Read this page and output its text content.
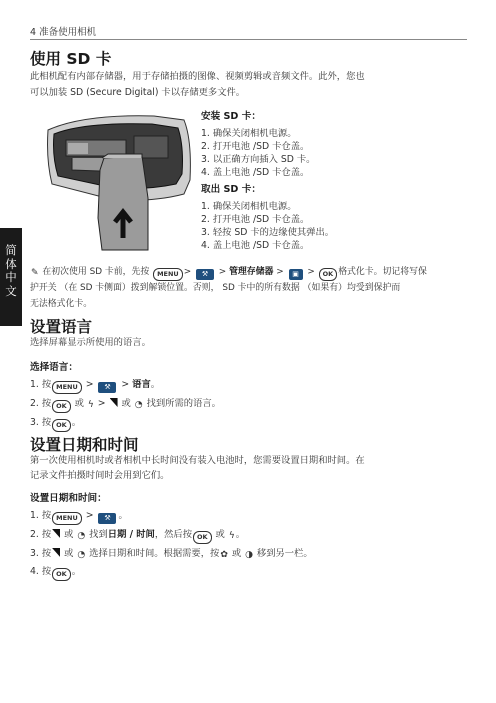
4 准备使用相机
简体中文
使用 SD 卡
此相机配有内部存储器，用于存储拍摄的图像、视频剪辑或音频文件。此外，您也
可以加装 SD (Secure Digital) 卡以存储更多文件。
安装 SD 卡：
1. 确保关闭相机电源。
2. 打开电池 /SD 卡仓盖。
3. 以正确方向插入 SD 卡。
4. 盖上电池 /SD 卡仓盖。
取出 SD 卡：
1. 确保关闭相机电源。
2. 打开电池 /SD 卡仓盖。
3. 轻按 SD 卡的边缘使其弹出。
4. 盖上电池 /SD 卡仓盖。
✎ 在初次使用 SD 卡前，先按 MENU > ⚒ > 管理存储器 > ▣ > OK 格式化卡。切记将写保
护开关 （在 SD 卡侧面）拨到解锁位置。否则， SD 卡中的所有数据 （如果有）均受到保护而
无法格式化卡。
设置语言
选择屏幕显示所使用的语言。
选择语言：
1. 按 MENU > ⚒ > 语言。
2. 按 OK 或 ϟ >  或 ◔ 找到所需的语言。
3. 按 OK 。
设置日期和时间
第一次使用相机时或者相机中长时间没有装入电池时，您需要设置日期和时间。在
记录文件拍摄时间时会用到它们。
设置日期和时间：
1. 按 MENU > ⚒ 。
2. 按 或 ◔ 找到日期 / 时间，然后按 OK 或 ϟ。
3. 按 或 ◔ 选择日期和时间。根据需要，按✿ 或 ◑ 移到另一栏。
4. 按 OK 。
